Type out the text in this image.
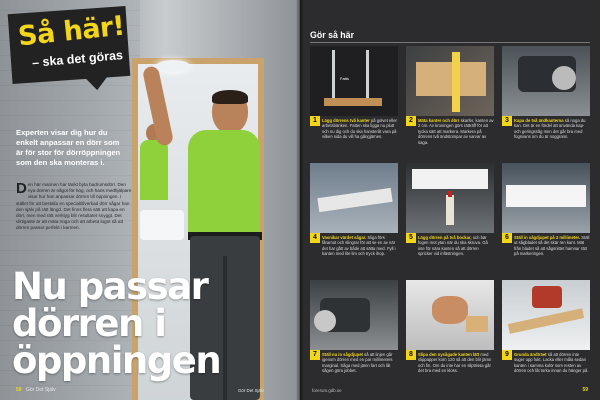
Så här!
– ska det göras
Experten visar dig hur du enkelt anpassar en dörr som är för stor för dörröppningen som den ska monteras i.
D en här mannen har tänkt byta badrumsdörr. Den nya dörren är något för hög, och hans medhjälpare visar hur han anpassar dörren till öppningen. I stället för att beställa en specialtillverkad dörr sågar han den själv på rätt längd. Det finns flera sätt att kapa en dörr, men med rätt verktyg blir resultatet snyggt. Det viktigaste är att mäta noga och att arbeta lugnt så att dörren passar perfekt i karmen.
Nu passar
dörren i
öppningen
58 Gör Det Själv	Gör Det Själv
Gör så här
Fatts
1	Lägg dörrens två kanter på golvet eller arbetsbänken. Fatten ska ligga nu plutt och nu dig och du ska hansteråt vara på vilken sida du vill ha gångjärnen.
2	Mäta kanter och dörr skarfer, kanten av 2 cm. Av kroningen görs rätträff för att tycka sätt att markera. Markera på dörrens två ändstompar av varvar av saga.
3	Kapa de två ändkanterna så noga du kan. Det är en fördel att använda kap- och geringssåg men det går bra med fogsvans om du är noggrann.
4	Vasnikar värdet sågar. Sliga förs fåramot och slingrar för att se en av när det har gått av både att sätta med. Fyll i kanten med lite lim och tryck ihop.
5	Lägg dörren på två bockar, och bär fogen mot ytan när du ska skruva. Gå inte för nära kanten så att dörren spricker vid infästningen.
6	Ställ in sågdjupet på 3 millimeter. Ställ ut sågbladet så det skär ren kant. Mät från bladet så att sågsnittet hamnar rätt på markeringen.
7	Ställ nu in sågdjupet så att linjen går igenom dörren med en par millimeters marginal. Såga med jämn fart och låt sågen göra jobbet.
8	Slipa den nysågade kanten lätt med slippapper korn 120 så att den blir jämn och fin. Om du inte har en sliptrissa går det bra med en kloss.
9	Grunda ändträet så att dörren inte suger upp fukt. Lacka eller måla sedan kanten i samma kulör som resten av dörren och låt torka innan du hänger på.
forerum.gdb.se	59
